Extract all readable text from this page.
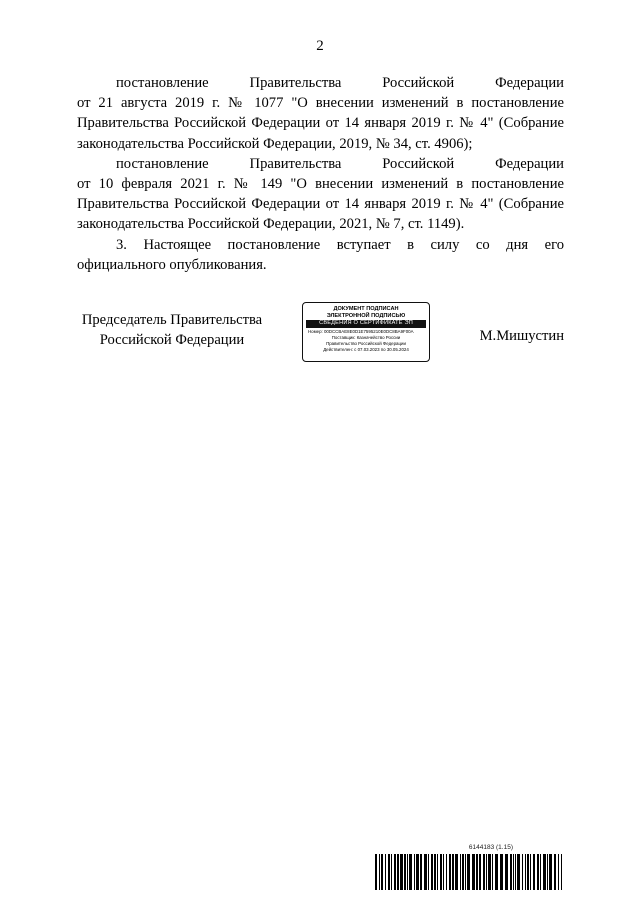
2
постановление Правительства Российской Федерации
от 21 августа 2019 г. № 1077 "О внесении изменений в постановление
Правительства Российской Федерации от 14 января 2019 г. № 4" (Собрание
законодательства Российской Федерации, 2019, № 34, ст. 4906);
постановление Правительства Российской Федерации
от 10 февраля 2021 г. № 149 "О внесении изменений в постановление
Правительства Российской Федерации от 14 января 2019 г. № 4" (Собрание
законодательства Российской Федерации, 2021, № 7, ст. 1149).
3. Настоящее постановление вступает в силу со дня его
официального опубликования.
Председатель Правительства
Российской Федерации
ДОКУМЕНТ ПОДПИСАН
ЭЛЕКТРОННОЙ ПОДПИСЬЮ
СВЕДЕНИЯ О СЕРТИФИКАТЕ ЭП
Номер: 00DCCBAE8E0D1E7595210E0DC8BA9F00A
Поставщик: Казначейство России
Правительство Российской Федерации
Действителен: с 07.03.2023 по 30.05.2024
М.Мишустин
6144183 (1.15)
